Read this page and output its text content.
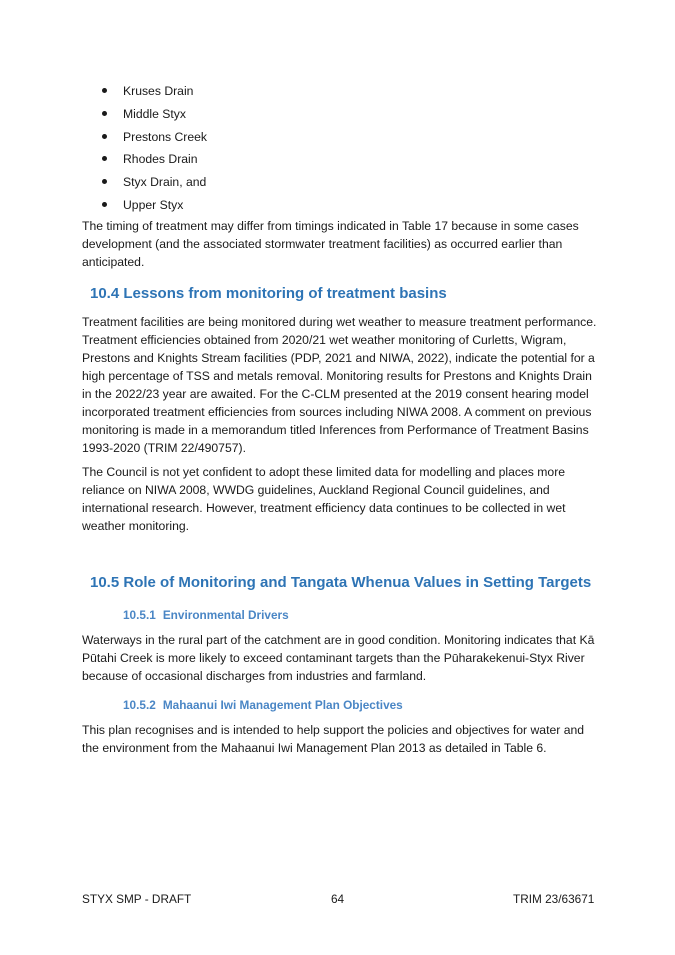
Kruses Drain
Middle Styx
Prestons Creek
Rhodes Drain
Styx Drain, and
Upper Styx

The timing of treatment may differ from timings indicated in Table 17 because in some cases development (and the associated stormwater treatment facilities) as occurred earlier than anticipated.

10.4 Lessons from monitoring of treatment basins

Treatment facilities are being monitored during wet weather to measure treatment performance. Treatment efficiencies obtained from 2020/21 wet weather monitoring of Curletts, Wigram, Prestons and Knights Stream facilities (PDP, 2021 and NIWA, 2022), indicate the potential for a high percentage of TSS and metals removal. Monitoring results for Prestons and Knights Drain in the 2022/23 year are awaited. For the C-CLM presented at the 2019 consent hearing model incorporated treatment efficiencies from sources including NIWA 2008. A comment on previous monitoring is made in a memorandum titled Inferences from Performance of Treatment Basins 1993-2020 (TRIM 22/490757).

The Council is not yet confident to adopt these limited data for modelling and places more reliance on NIWA 2008, WWDG guidelines, Auckland Regional Council guidelines, and international research. However, treatment efficiency data continues to be collected in wet weather monitoring.

10.5 Role of Monitoring and Tangata Whenua Values in Setting Targets
10.5.1 Environmental Drivers

Waterways in the rural part of the catchment are in good condition. Monitoring indicates that Kā Pūtahi Creek is more likely to exceed contaminant targets than the Pūharakekenui-Styx River because of occasional discharges from industries and farmland.

10.5.2 Mahaanui Iwi Management Plan Objectives

This plan recognises and is intended to help support the policies and objectives for water and the environment from the Mahaanui Iwi Management Plan 2013 as detailed in Table 6.

STYX SMP - DRAFT	64	TRIM 23/63671
